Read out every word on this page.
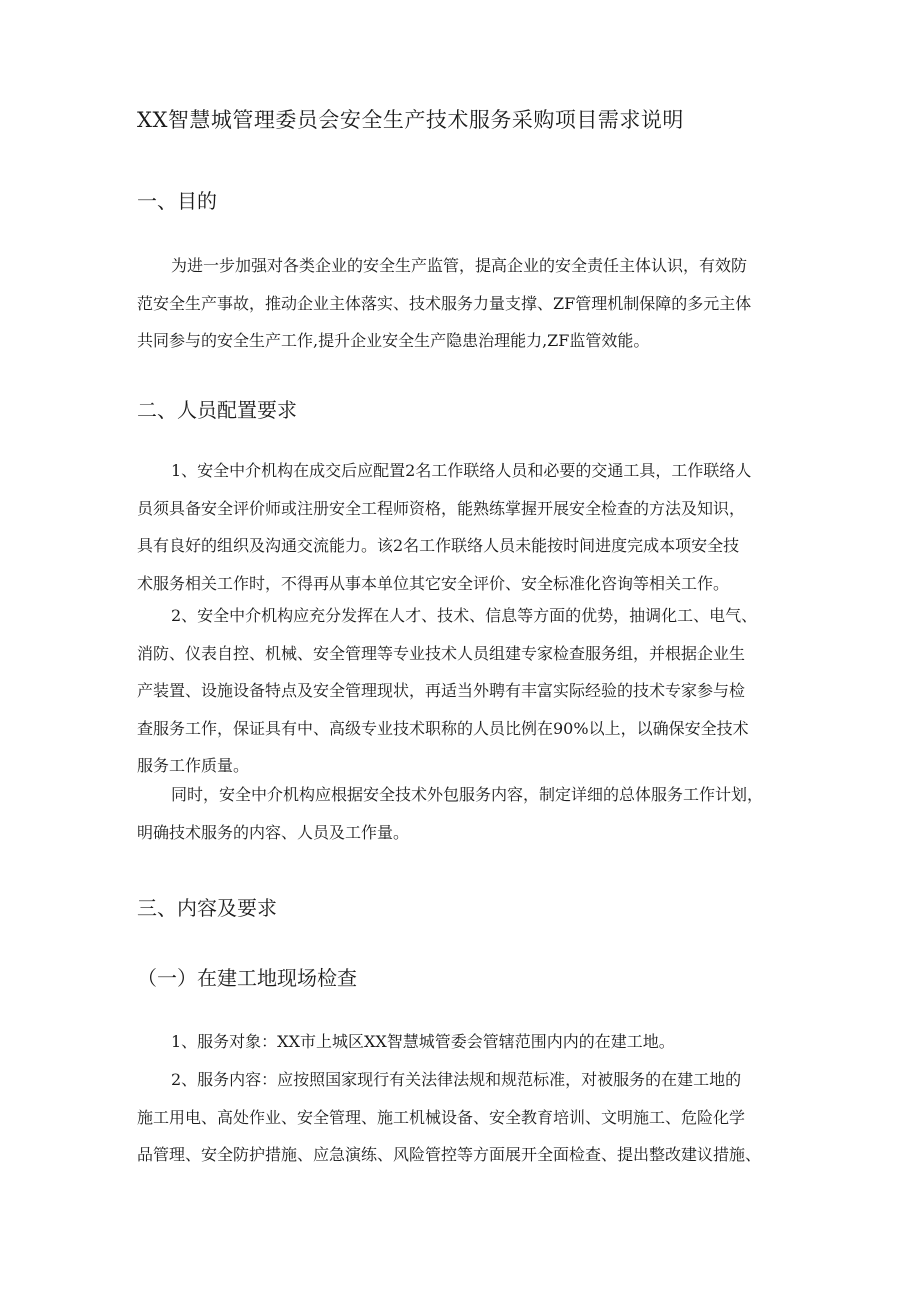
XX智慧城管理委员会安全生产技术服务采购项目需求说明
一、目的
为进一步加强对各类企业的安全生产监管，提高企业的安全责任主体认识，有效防
范安全生产事故，推动企业主体落实、技术服务力量支撑、ZF管理机制保障的多元主体
共同参与的安全生产工作,提升企业安全生产隐患治理能力,ZF监管效能。
二、人员配置要求
1、安全中介机构在成交后应配置2名工作联络人员和必要的交通工具，工作联络人
员须具备安全评价师或注册安全工程师资格，能熟练掌握开展安全检查的方法及知识，
具有良好的组织及沟通交流能力。该2名工作联络人员未能按时间进度完成本项安全技
术服务相关工作时，不得再从事本单位其它安全评价、安全标准化咨询等相关工作。
2、安全中介机构应充分发挥在人才、技术、信息等方面的优势，抽调化工、电气、
消防、仪表自控、机械、安全管理等专业技术人员组建专家检查服务组，并根据企业生
产装置、设施设备特点及安全管理现状，再适当外聘有丰富实际经验的技术专家参与检
查服务工作，保证具有中、高级专业技术职称的人员比例在90%以上，以确保安全技术
服务工作质量。
同时，安全中介机构应根据安全技术外包服务内容，制定详细的总体服务工作计划，
明确技术服务的内容、人员及工作量。
三、内容及要求
（一）在建工地现场检查
1、服务对象：XX市上城区XX智慧城管委会管辖范围内内的在建工地。
2、服务内容：应按照国家现行有关法律法规和规范标准，对被服务的在建工地的
施工用电、高处作业、安全管理、施工机械设备、安全教育培训、文明施工、危险化学
品管理、安全防护措施、应急演练、风险管控等方面展开全面检查、提出整改建议措施、
